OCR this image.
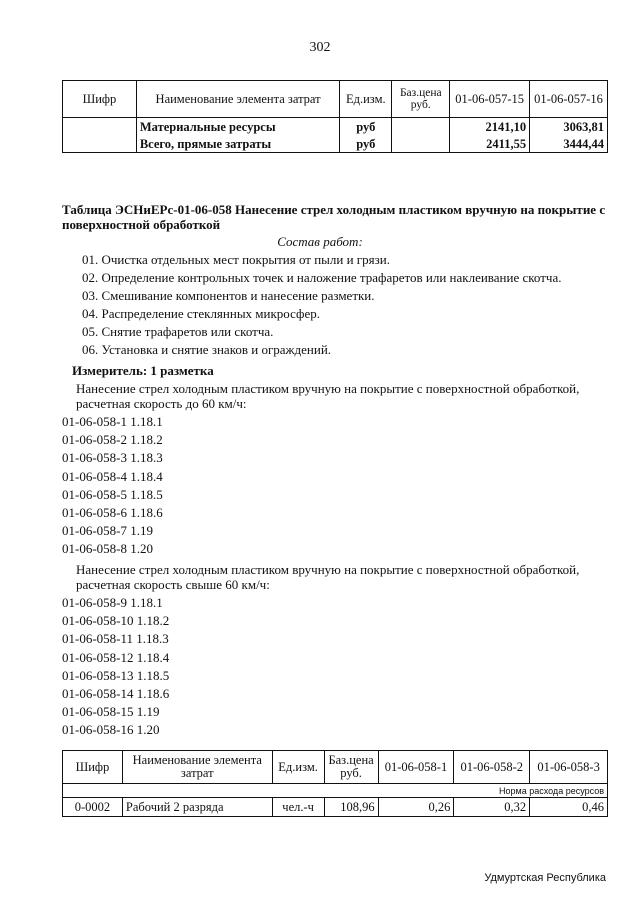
302
Шифр	Наименование элемента затрат	Ед.изм.	Баз.цена руб.	01-06-057-15	01-06-057-16
	Материальные ресурсы	руб		2141,10	3063,81
	Всего, прямые затраты	руб		2411,55	3444,44
Таблица ЭСНиЕРс-01-06-058 Нанесение стрел холодным пластиком вручную на покрытие с поверхностной обработкой
Состав работ:
01. Очистка отдельных мест покрытия от пыли и грязи.
02. Определение контрольных точек и наложение трафаретов или наклеивание скотча.
03. Смешивание компонентов и нанесение разметки.
04. Распределение стеклянных микросфер.
05. Снятие трафаретов или скотча.
06. Установка и снятие знаков и ограждений.
Измеритель: 1 разметка
Нанесение стрел холодным пластиком вручную на покрытие с поверхностной обработкой,
расчетная скорость до 60 км/ч:
01-06-058-1 1.18.1
01-06-058-2 1.18.2
01-06-058-3 1.18.3
01-06-058-4 1.18.4
01-06-058-5 1.18.5
01-06-058-6 1.18.6
01-06-058-7 1.19
01-06-058-8 1.20
Нанесение стрел холодным пластиком вручную на покрытие с поверхностной обработкой,
расчетная скорость свыше 60 км/ч:
01-06-058-9 1.18.1
01-06-058-10 1.18.2
01-06-058-11 1.18.3
01-06-058-12 1.18.4
01-06-058-13 1.18.5
01-06-058-14 1.18.6
01-06-058-15 1.19
01-06-058-16 1.20
Шифр	Наименование элемента затрат	Ед.изм.	Баз.цена руб.	01-06-058-1	01-06-058-2	01-06-058-3
Норма расхода ресурсов						
0-0002	Рабочий 2 разряда	чел.-ч	108,96	0,26	0,32	0,46
Удмуртская Республика
